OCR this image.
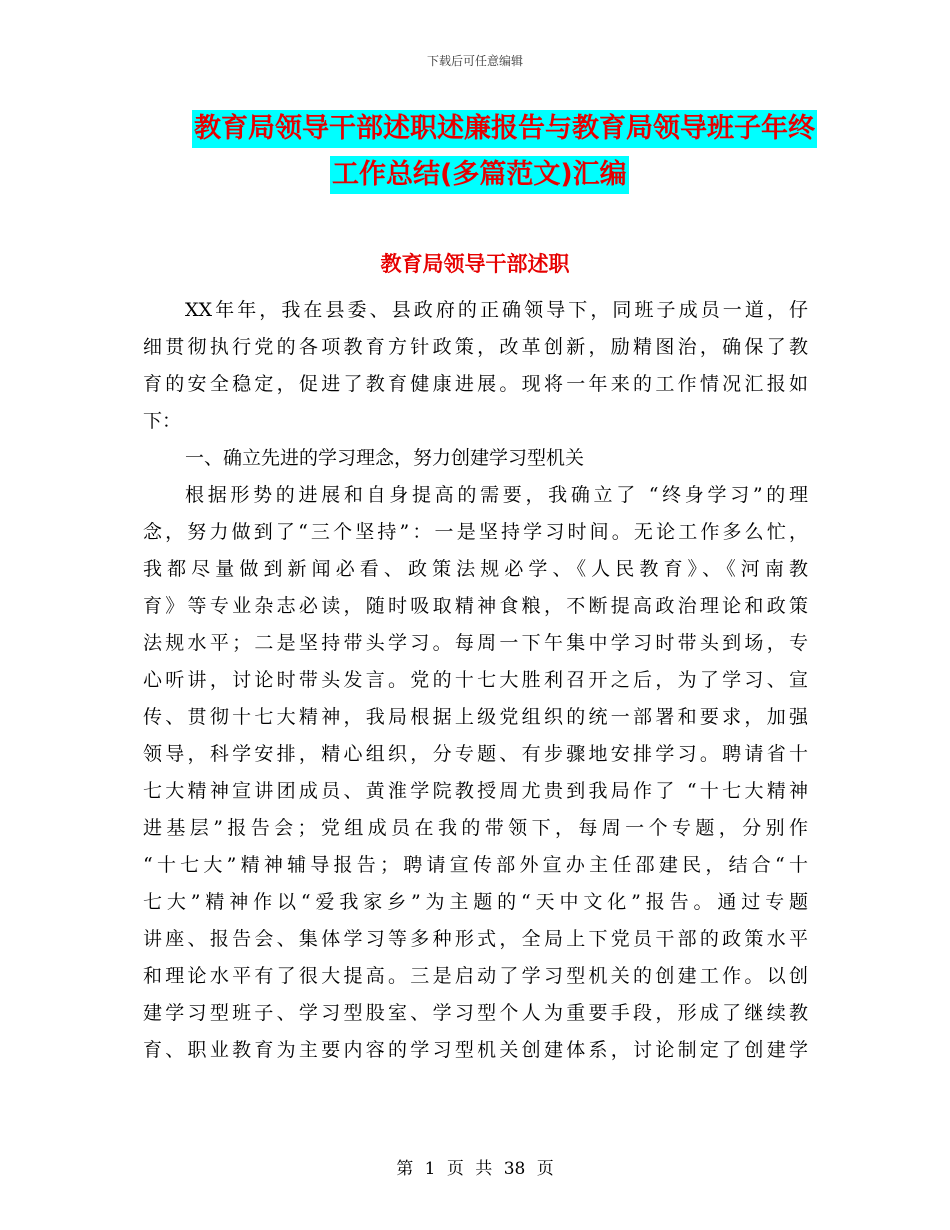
下载后可任意编辑
教育局领导干部述职述廉报告与教育局领导班子年终
工作总结(多篇范文)汇编
教育局领导干部述职
XX年年，我在县委、县政府的正确领导下，同班子成员一道，仔
细贯彻执行党的各项教育方针政策，改革创新，励精图治，确保了教
育的安全稳定，促进了教育健康进展。现将一年来的工作情况汇报如
下：
一、确立先进的学习理念，努力创建学习型机关
根据形势的进展和自身提高的需要，我确立了 “终身学习”的理
念，努力做到了“三个坚持”：一是坚持学习时间。无论工作多么忙，
我都尽量做到新闻必看、政策法规必学、《人民教育》、《河南教
育》等专业杂志必读，随时吸取精神食粮，不断提高政治理论和政策
法规水平；二是坚持带头学习。每周一下午集中学习时带头到场，专
心听讲，讨论时带头发言。党的十七大胜利召开之后，为了学习、宣
传、贯彻十七大精神，我局根据上级党组织的统一部署和要求，加强
领导，科学安排，精心组织，分专题、有步骤地安排学习。聘请省十
七大精神宣讲团成员、黄淮学院教授周尤贵到我局作了 “十七大精神
进基层”报告会；党组成员在我的带领下，每周一个专题，分别作
“十七大”精神辅导报告；聘请宣传部外宣办主任邵建民，结合“十
七大”精神作以“爱我家乡”为主题的“天中文化”报告。通过专题
讲座、报告会、集体学习等多种形式，全局上下党员干部的政策水平
和理论水平有了很大提高。三是启动了学习型机关的创建工作。以创
建学习型班子、学习型股室、学习型个人为重要手段，形成了继续教
育、职业教育为主要内容的学习型机关创建体系，讨论制定了创建学
第 1 页 共 38 页
